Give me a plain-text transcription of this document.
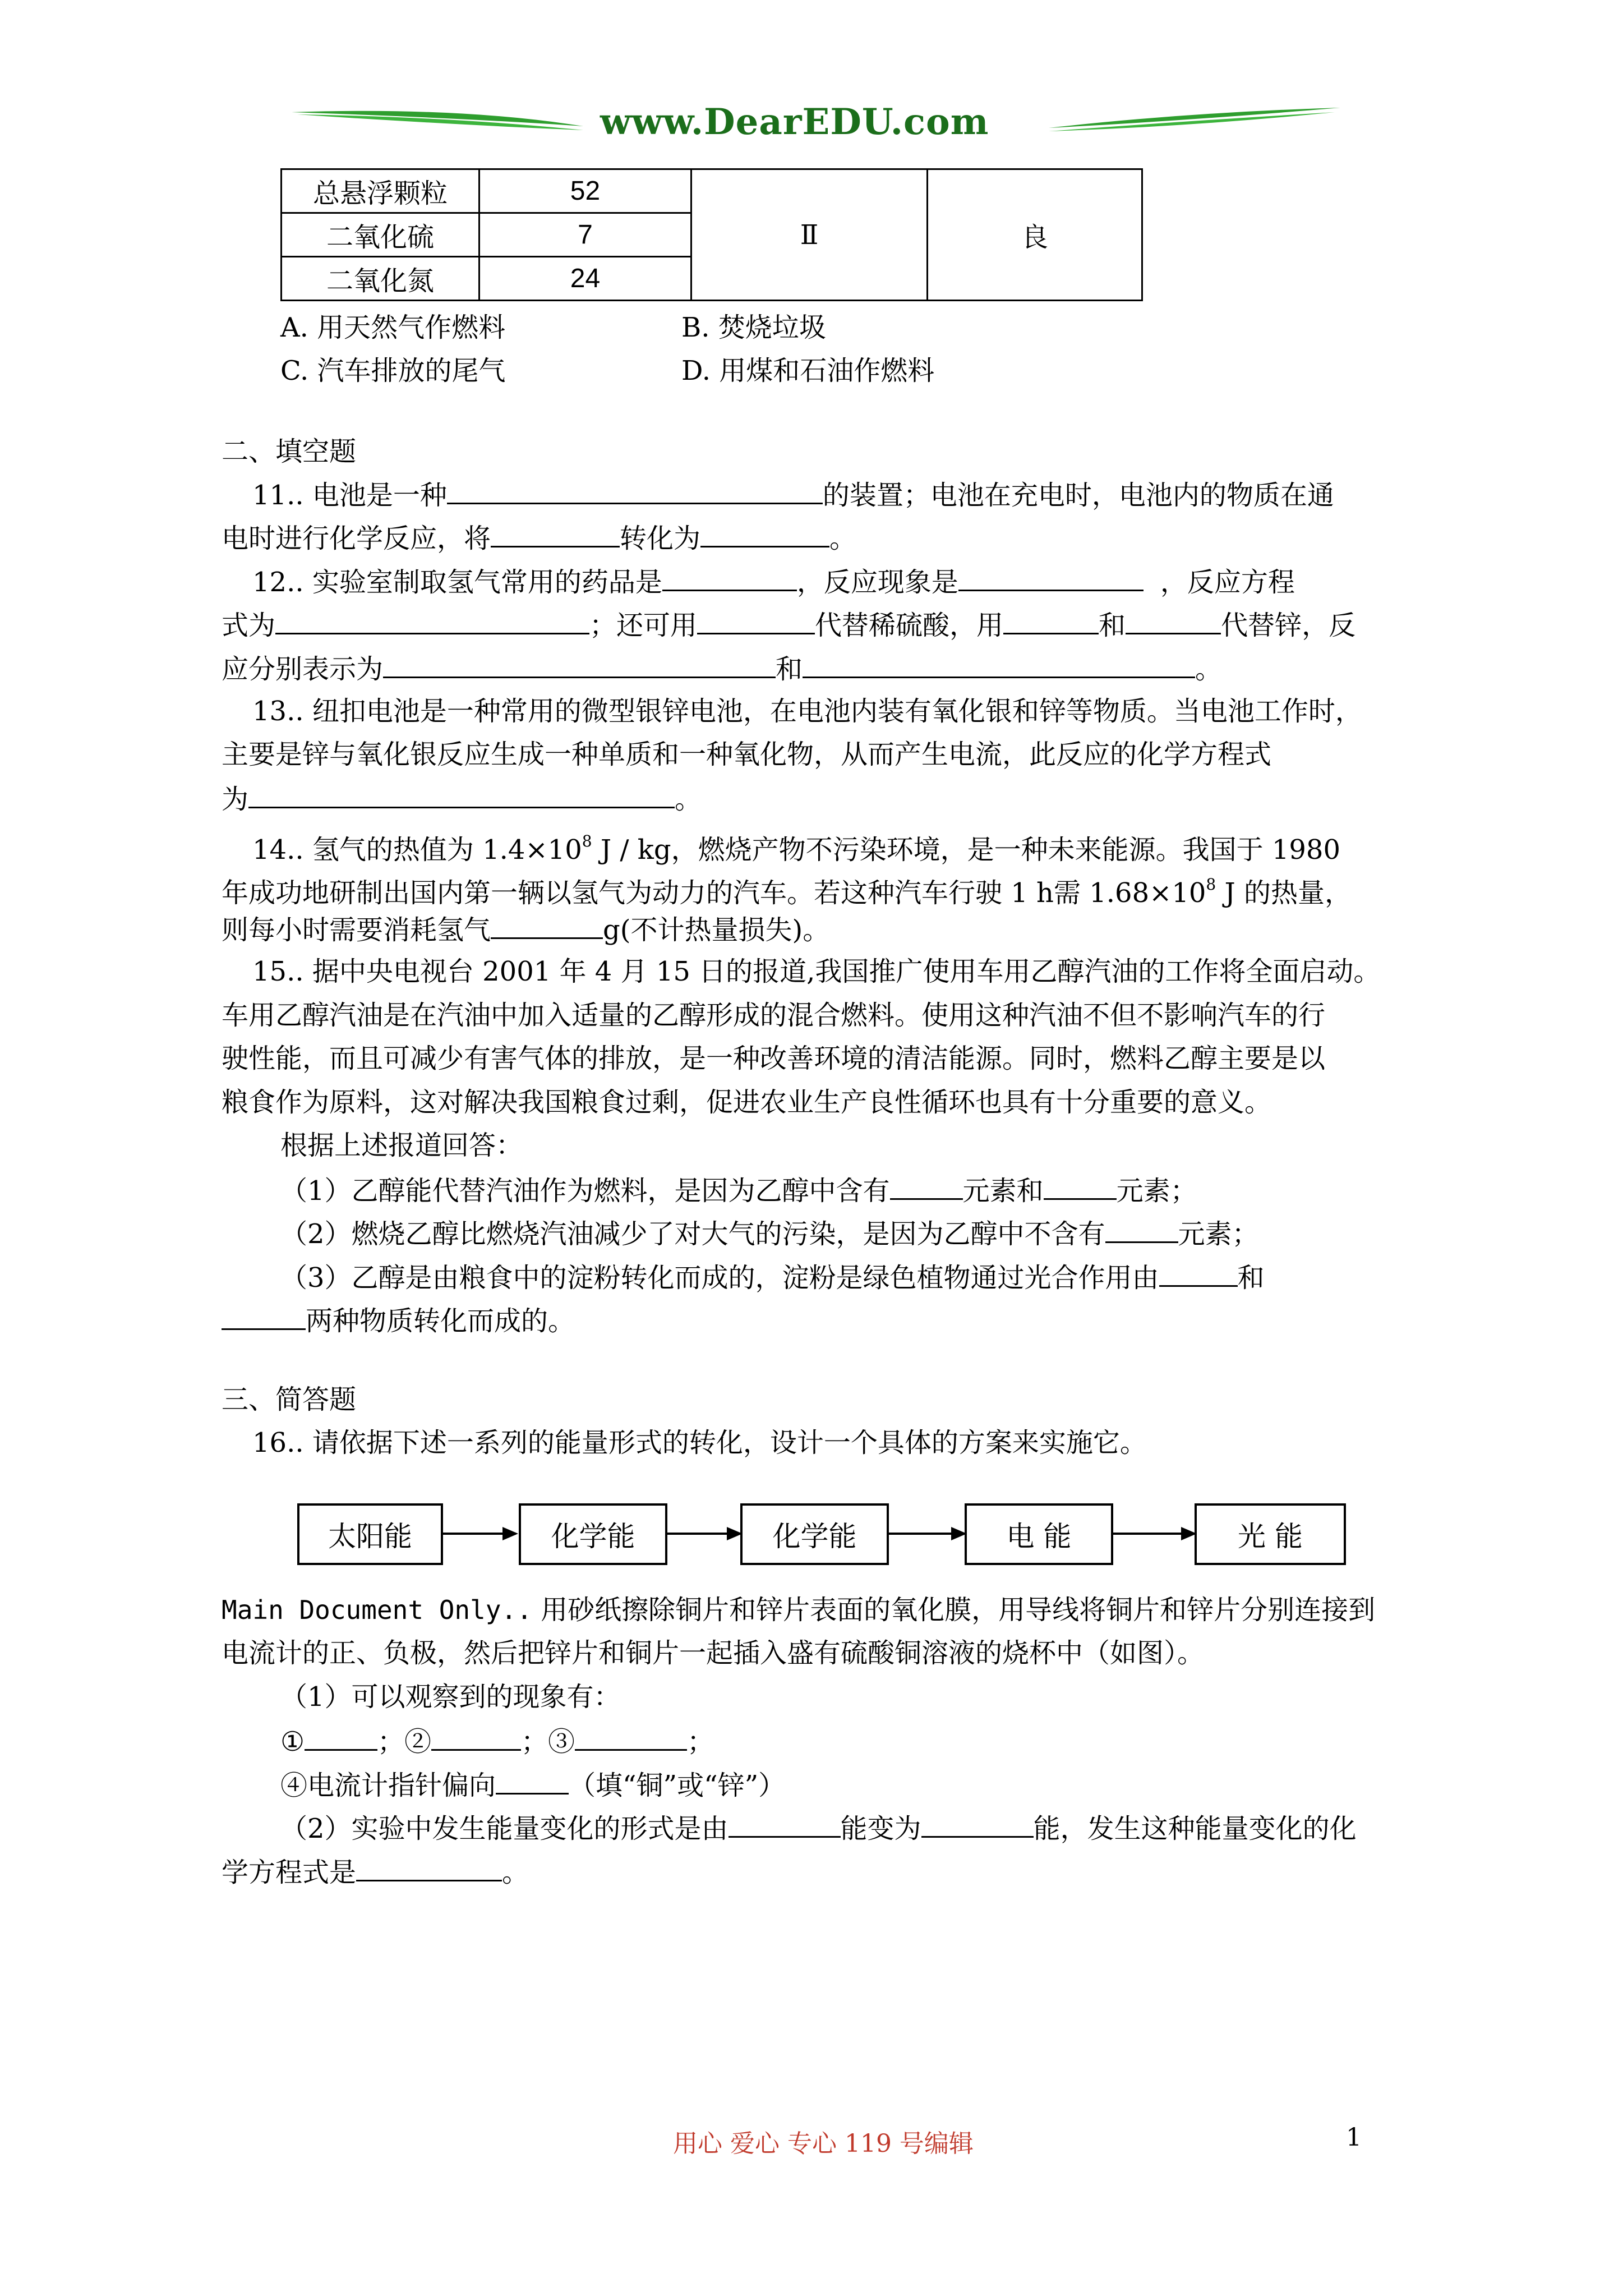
www.DearEDU.com
总悬浮颗粒	52	Ⅱ	良
二氧化硫	7		
二氧化氮	24		
A. 用天然气作燃料	B. 焚烧垃圾
C. 汽车排放的尾气	D. 用煤和石油作燃料
二、填空题
11.. 电池是一种	的装置；电池在充电时，电池内的物质在通
电时进行化学反应，将	转化为	。
12.. 实验室制取氢气常用的药品是	，反应现象是	，反应方程
式为	；还可用	代替稀硫酸，用	和	代替锌，反
应分别表示为	和	。
13.. 纽扣电池是一种常用的微型银锌电池，在电池内装有氧化银和锌等物质。当电池工作时，
主要是锌与氧化银反应生成一种单质和一种氧化物，从而产生电流，此反应的化学方程式
为	。
14.. 氢气的热值为 $1.4\times 10^8$ J / kg，燃烧产物不污染环境，是一种未来能源。我国于 1980
年成功地研制出国内第一辆以氢气为动力的汽车。若这种汽车行驶 1 h需 $1.68\times 10^8$ J 的热量，
则每小时需要消耗氢气	g(不计热量损失)。
15.. 据中央电视台 2001 年 4 月 15 日的报道,我国推广使用车用乙醇汽油的工作将全面启动。
车用乙醇汽油是在汽油中加入适量的乙醇形成的混合燃料。使用这种汽油不但不影响汽车的行
驶性能，而且可减少有害气体的排放，是一种改善环境的清洁能源。同时，燃料乙醇主要是以
粮食作为原料，这对解决我国粮食过剩，促进农业生产良性循环也具有十分重要的意义。
根据上述报道回答：
（1）乙醇能代替汽油作为燃料，是因为乙醇中含有	元素和	元素；
（2）燃烧乙醇比燃烧汽油减少了对大气的污染，是因为乙醇中不含有	元素；
（3）乙醇是由粮食中的淀粉转化而成的，淀粉是绿色植物通过光合作用由	和
两种物质转化而成的。
三、简答题
16.. 请依据下述一系列的能量形式的转化，设计一个具体的方案来实施它。
太阳能	化学能	化学能	电 能	光 能
Main Document Only.. 用砂纸擦除铜片和锌片表面的氧化膜，用导线将铜片和锌片分别连接到
电流计的正、负极，然后把锌片和铜片一起插入盛有硫酸铜溶液的烧杯中（如图）。
（1）可以观察到的现象有：
①	；②	；③	；
④电流计指针偏向	（填“铜”或“锌”）
（2）实验中发生能量变化的形式是由	能变为	能，发生这种能量变化的化
学方程式是	。
用心 爱心 专心 119 号编辑	1
